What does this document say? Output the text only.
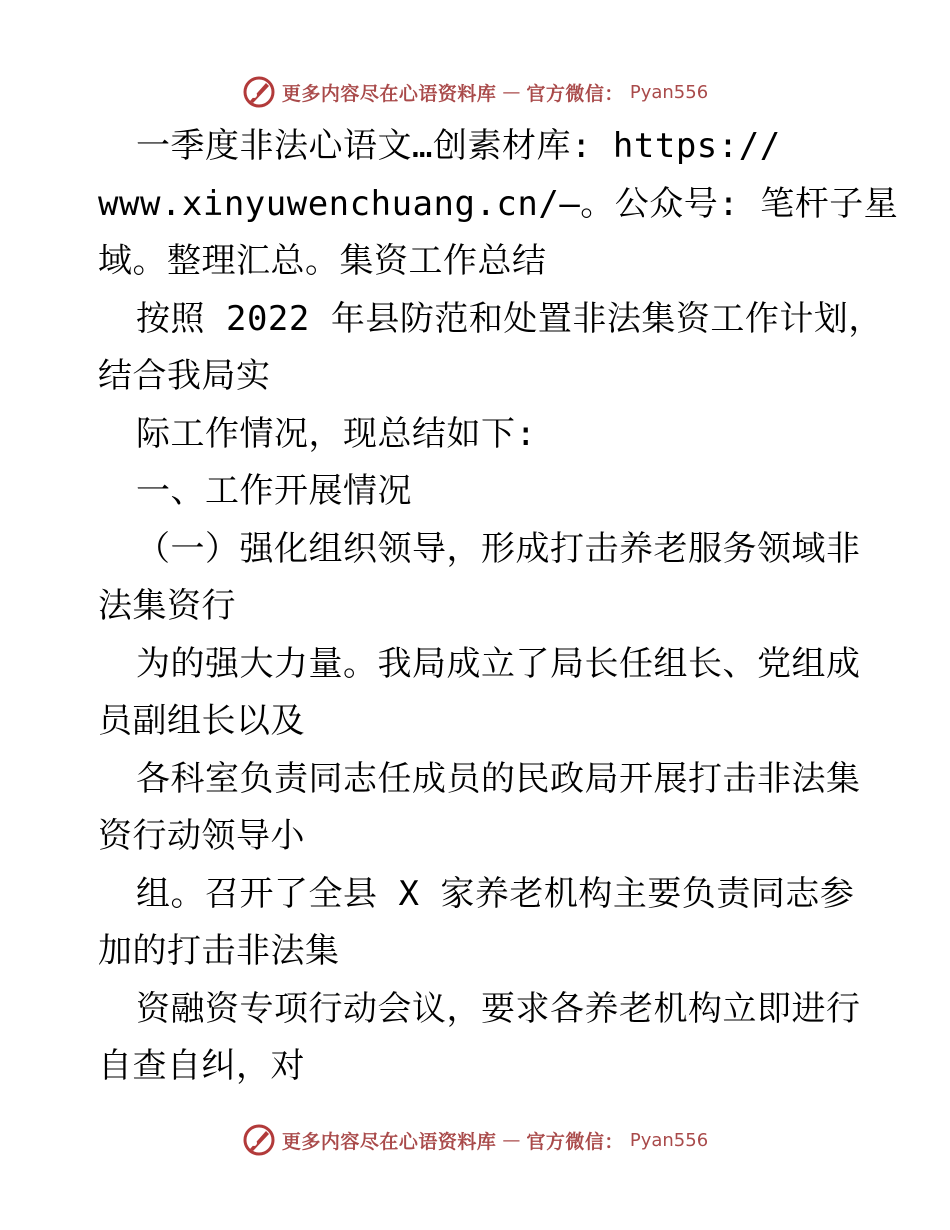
更多内容尽在心语资料库 — 官方微信： Pyan556
一季度非法心语文…创素材库: https://
www.xinyuwenchuang.cn/—。公众号: 笔杆子星
域。整理汇总。集资工作总结
按照 2022 年县防范和处置非法集资工作计划，
结合我局实
际工作情况，现总结如下:
一、工作开展情况
（一）强化组织领导，形成打击养老服务领域非
法集资行
为的强大力量。我局成立了局长任组长、党组成
员副组长以及
各科室负责同志任成员的民政局开展打击非法集
资行动领导小
组。召开了全县 X 家养老机构主要负责同志参
加的打击非法集
资融资专项行动会议，要求各养老机构立即进行
自查自纠，对
更多内容尽在心语资料库 — 官方微信： Pyan556
